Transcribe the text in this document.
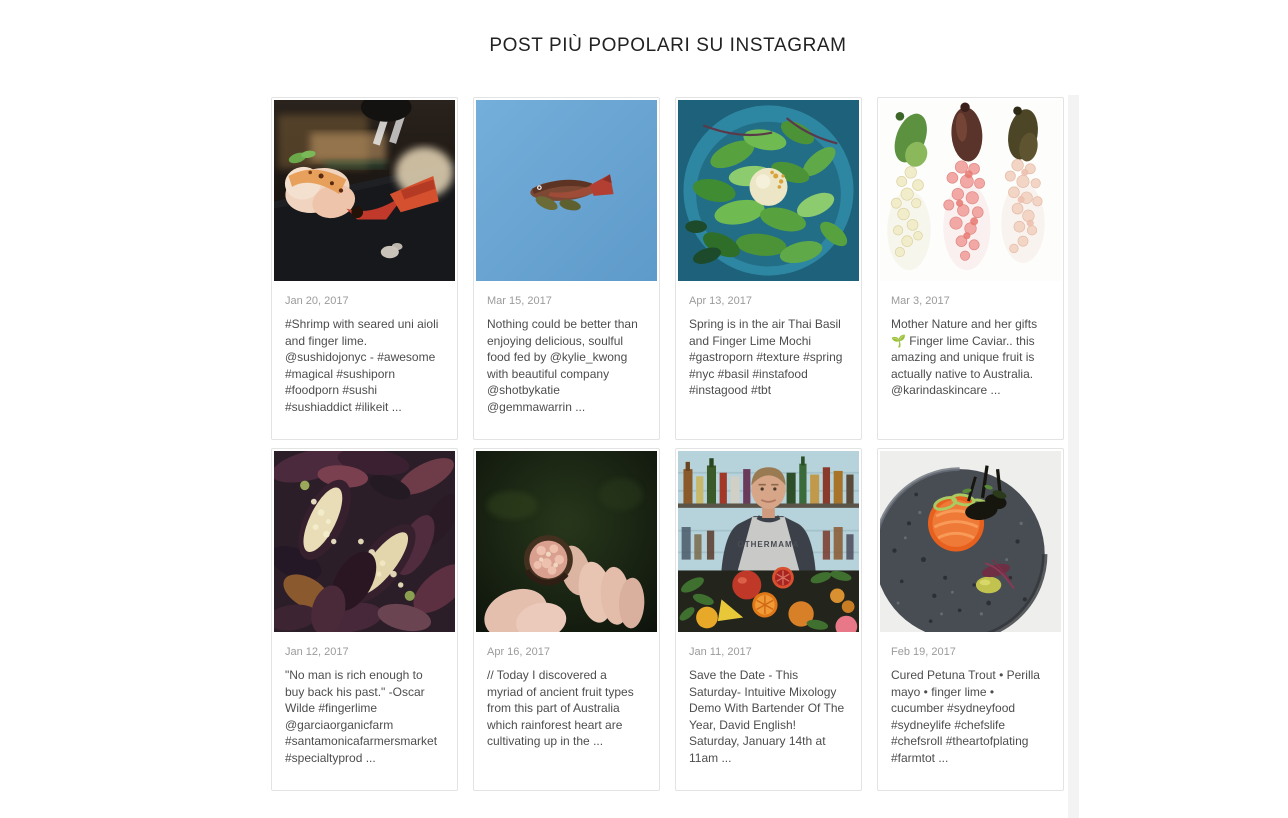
POST PIÙ POPOLARI SU INSTAGRAM
Jan 20, 2017
#Shrimp with seared uni aioli and finger lime. @sushidojonyc - #awesome #magical #sushiporn #foodporn #sushi #sushiaddict #ilikeit ...
Mar 15, 2017
Nothing could be better than enjoying delicious, soulful food fed by @kylie_kwong with beautiful company @shotbykatie @gemmawarrin ...
Apr 13, 2017
Spring is in the air Thai Basil and Finger Lime Mochi #gastroporn #texture #spring #nyc #basil #instafood #instagood #tbt
Mar 3, 2017
Mother Nature and her gifts 🌱 Finger lime Caviar.. this amazing and unique fruit is actually native to Australia. @karindaskincare ...
Jan 12, 2017
"No man is rich enough to buy back his past." -Oscar Wilde #fingerlime @garciaorganicfarm #santamonicafarmersmarket #specialtyprod ...
Apr 16, 2017
// Today I discovered a myriad of ancient fruit types from this part of Australia which rainforest heart are cultivating up in the ...
OTHERMAMA
Jan 11, 2017
Save the Date - This Saturday- Intuitive Mixology Demo With Bartender Of The Year, David English! Saturday, January 14th at 11am ...
Feb 19, 2017
Cured Petuna Trout • Perilla mayo • finger lime • cucumber #sydneyfood #sydneylife #chefslife #chefsroll #theartofplating #farmtot ...
